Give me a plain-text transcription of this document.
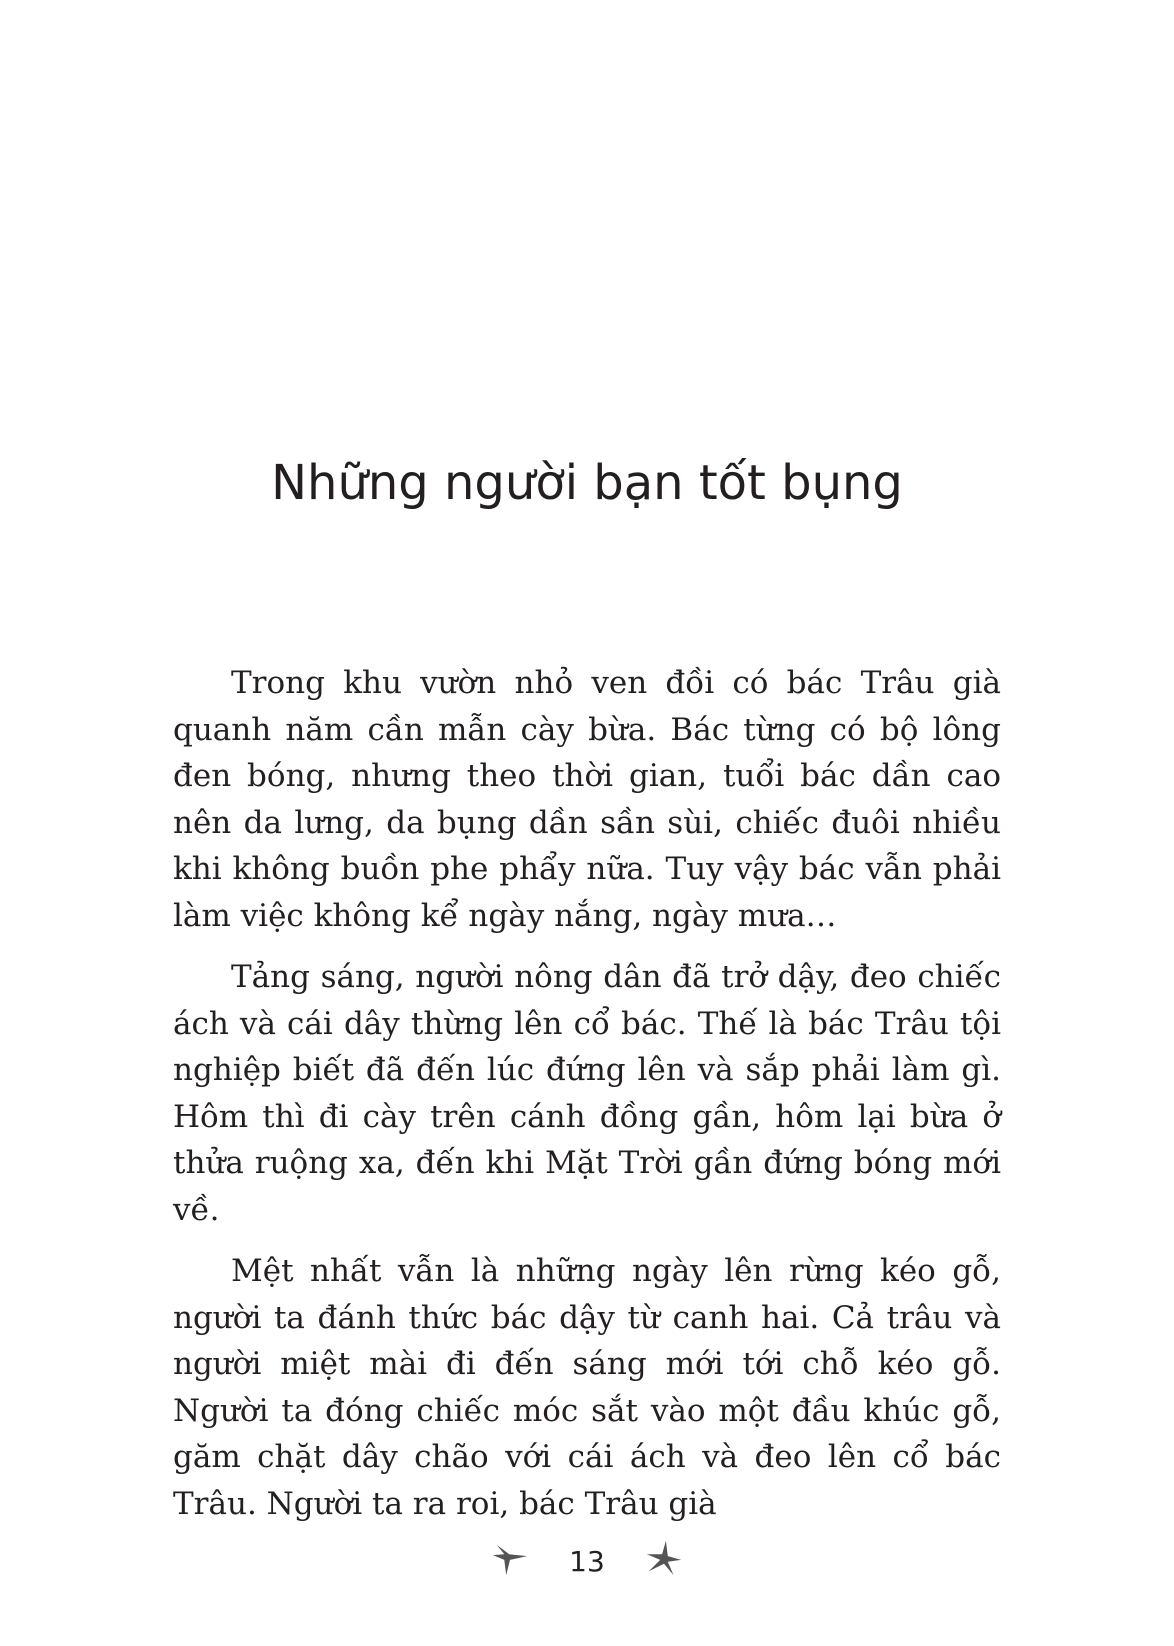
Những người bạn tốt bụng

Trong khu vườn nhỏ ven đồi có bác Trâu già quanh năm cần mẫn cày bừa. Bác từng có bộ lông đen bóng, nhưng theo thời gian, tuổi bác dần cao nên da lưng, da bụng dần sần sùi, chiếc đuôi nhiều khi không buồn phe phẩy nữa. Tuy vậy bác vẫn phải làm việc không kể ngày nắng, ngày mưa…

Tảng sáng, người nông dân đã trở dậy, đeo chiếc ách và cái dây thừng lên cổ bác. Thế là bác Trâu tội nghiệp biết đã đến lúc đứng lên và sắp phải làm gì. Hôm thì đi cày trên cánh đồng gần, hôm lại bừa ở thửa ruộng xa, đến khi Mặt Trời gần đứng bóng mới về.

Mệt nhất vẫn là những ngày lên rừng kéo gỗ, người ta đánh thức bác dậy từ canh hai. Cả trâu và người miệt mài đi đến sáng mới tới chỗ kéo gỗ. Người ta đóng chiếc móc sắt vào một đầu khúc gỗ, găm chặt dây chão với cái ách và đeo lên cổ bác Trâu. Người ta ra roi, bác Trâu già

13
